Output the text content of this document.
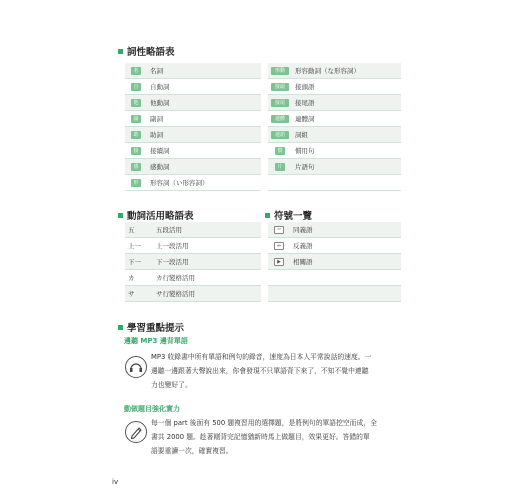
詞性略語表
名	名詞
自	自動詞
他	他動詞
副	副詞
助	助詞
接	接續詞
感	感動詞
形	形容詞（い形容詞）
形動	形容動詞（な形容詞）
接頭	接頭語
接尾	接尾語
連體	連體詞
連語	詞組
慣	慣用句
片	片語句

動詞活用略語表
五	五段活用
上一	上一段活用
下一	下一段活用
カ	カ行變格活用
サ	サ行變格活用
符號一覽
＝	同義語
⇔	反義語
▶	相關語

學習重點提示
邊聽 MP3 邊背單語
MP3 收錄書中所有單語和例句的錄音，速度為日本人平常說話的速度。一
邊聽一邊跟著大聲說出來，你會發現不只單語背下來了，不知不覺中連聽
力也變好了。
動做題目強化實力
每一個 part 後面有 500 題複習用的選擇題，是將例句的單語挖空而成，全
書共 2000 題。趁著剛背完記憶猶新時馬上做題目，效果更好。答錯的單
語要重讀一次，確實複習。
iv
